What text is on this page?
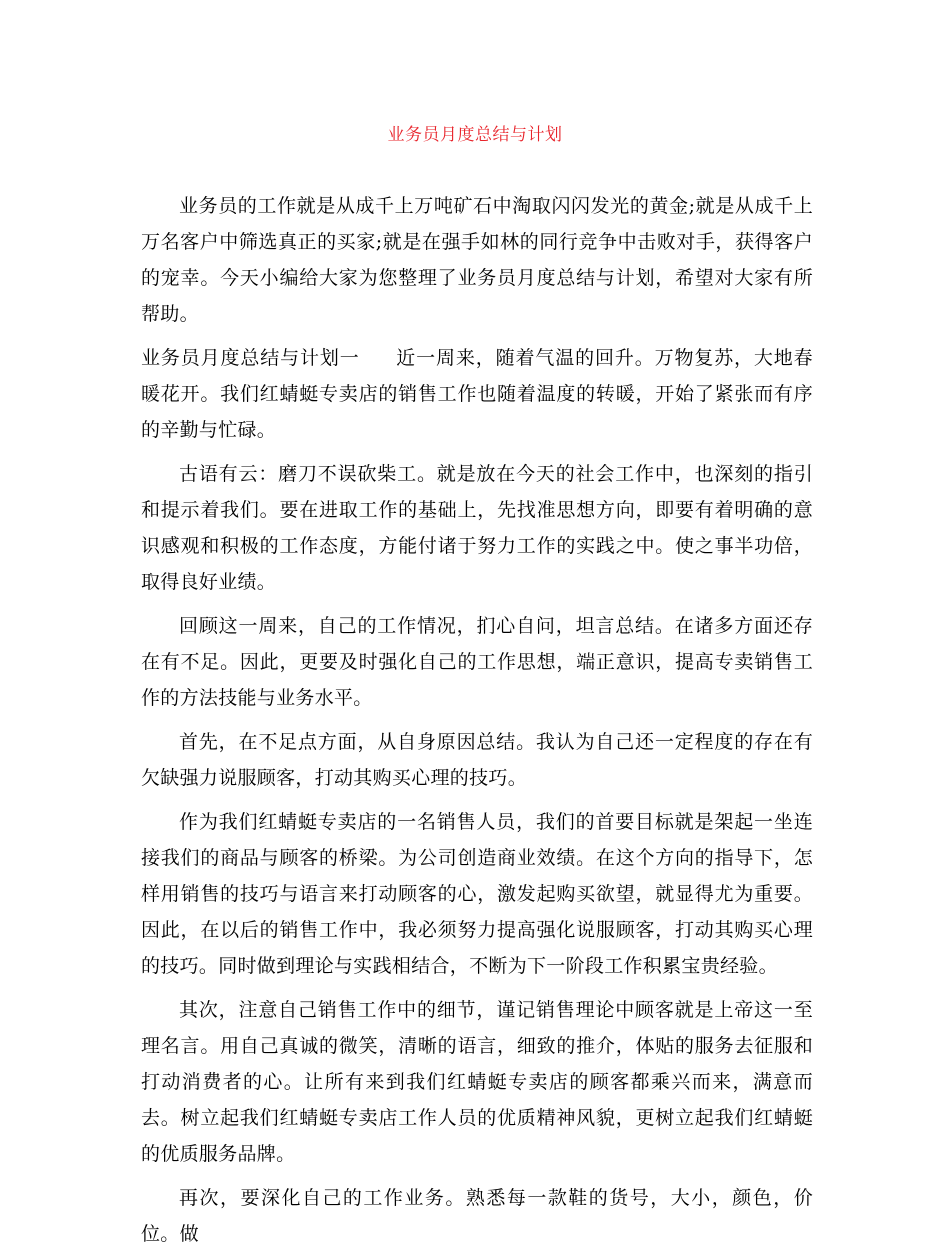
业务员月度总结与计划

业务员的工作就是从成千上万吨矿石中淘取闪闪发光的黄金;就是从成千上万名客户中筛选真正的买家;就是在强手如林的同行竞争中击败对手，获得客户的宠幸。今天小编给大家为您整理了业务员月度总结与计划，希望对大家有所帮助。

业务员月度总结与计划一 近一周来，随着气温的回升。万物复苏，大地春暖花开。我们红蜻蜓专卖店的销售工作也随着温度的转暖，开始了紧张而有序的辛勤与忙碌。

古语有云：磨刀不误砍柴工。就是放在今天的社会工作中，也深刻的指引和提示着我们。要在进取工作的基础上，先找准思想方向，即要有着明确的意识感观和积极的工作态度，方能付诸于努力工作的实践之中。使之事半功倍，取得良好业绩。

回顾这一周来，自己的工作情况，扪心自问，坦言总结。在诸多方面还存在有不足。因此，更要及时强化自己的工作思想，端正意识，提高专卖销售工作的方法技能与业务水平。

首先，在不足点方面，从自身原因总结。我认为自己还一定程度的存在有欠缺强力说服顾客，打动其购买心理的技巧。

作为我们红蜻蜓专卖店的一名销售人员，我们的首要目标就是架起一坐连接我们的商品与顾客的桥梁。为公司创造商业效绩。在这个方向的指导下，怎样用销售的技巧与语言来打动顾客的心，激发起购买欲望，就显得尤为重要。因此，在以后的销售工作中，我必须努力提高强化说服顾客，打动其购买心理的技巧。同时做到理论与实践相结合，不断为下一阶段工作积累宝贵经验。

其次，注意自己销售工作中的细节，谨记销售理论中顾客就是上帝这一至理名言。用自己真诚的微笑，清晰的语言，细致的推介，体贴的服务去征服和打动消费者的心。让所有来到我们红蜻蜓专卖店的顾客都乘兴而来，满意而去。树立起我们红蜻蜓专卖店工作人员的优质精神风貌，更树立起我们红蜻蜓的优质服务品牌。

再次，要深化自己的工作业务。熟悉每一款鞋的货号，大小，颜色，价位。做
